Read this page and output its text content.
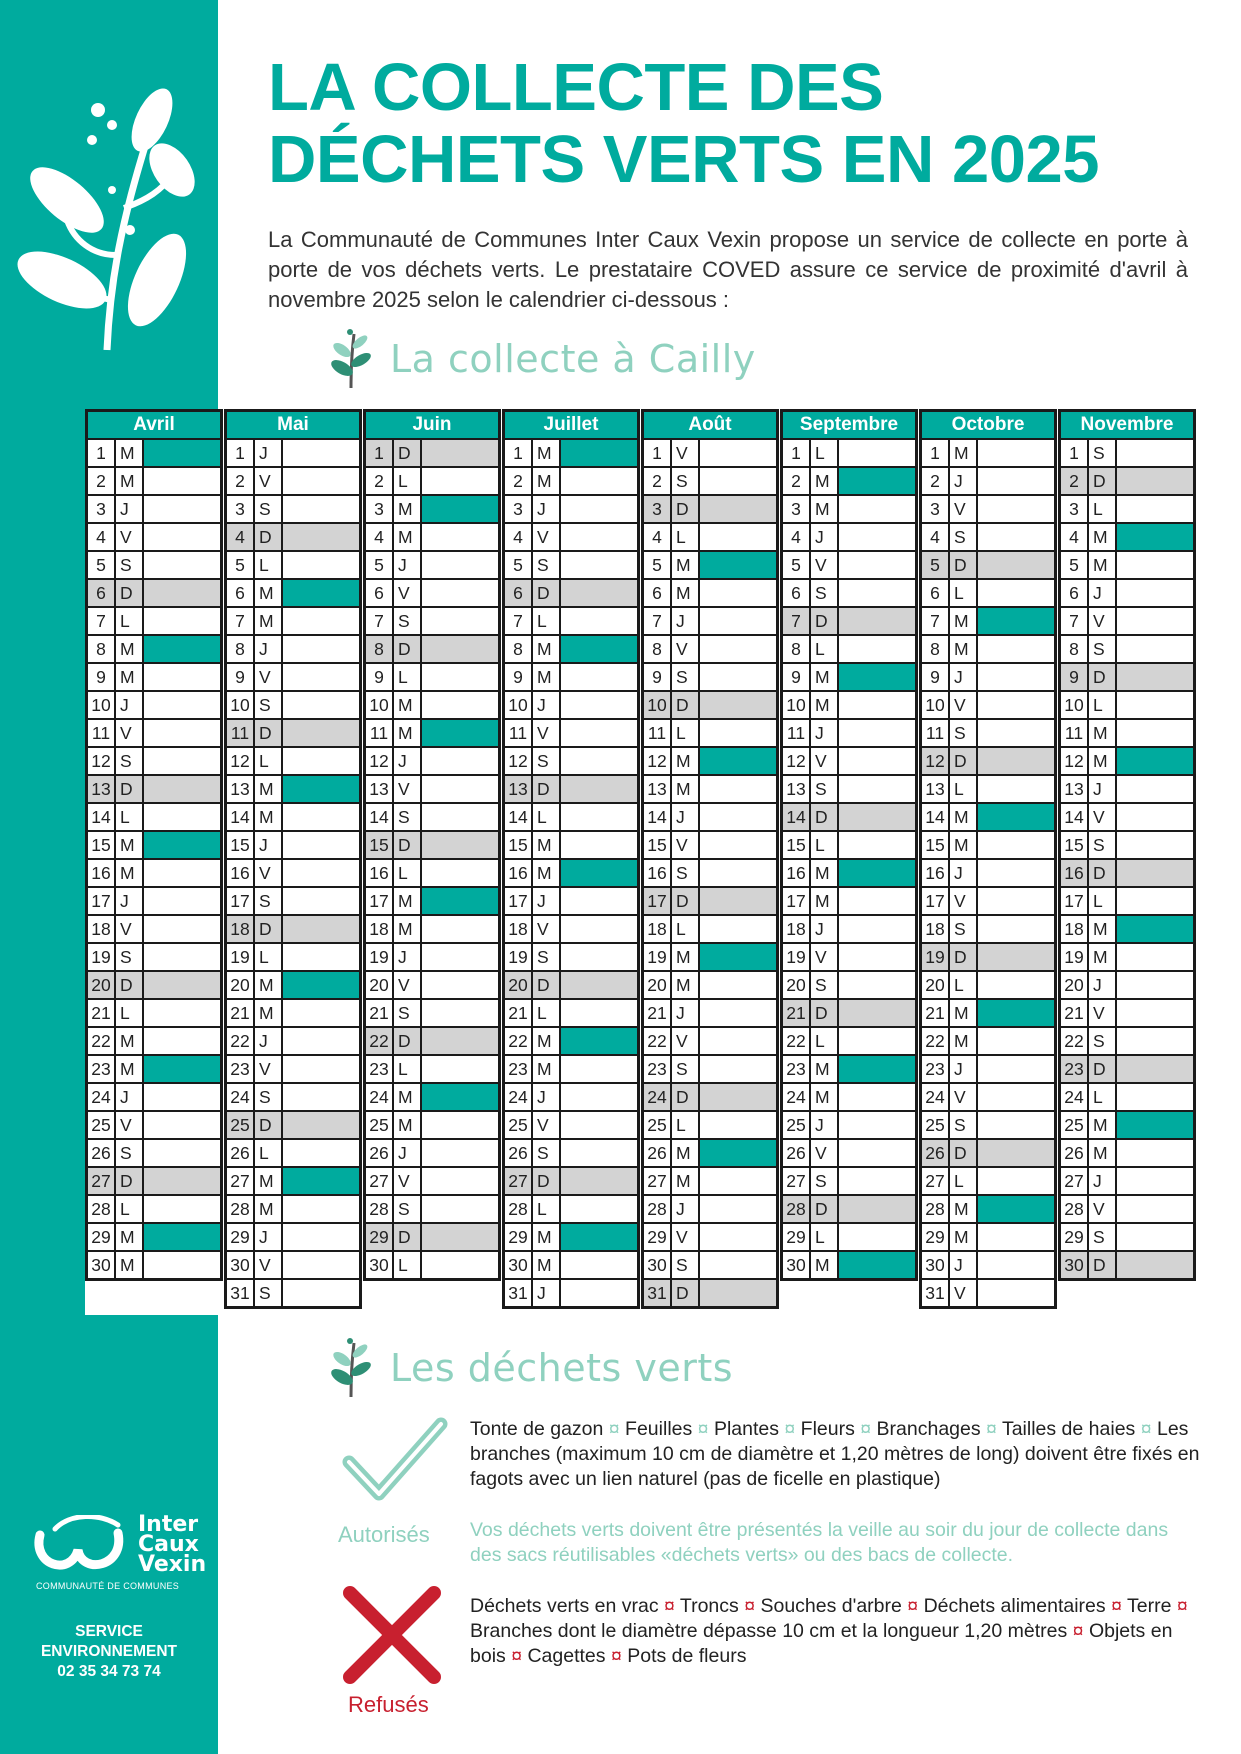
Inter
Caux
Vexin
COMMUNAUTÉ DE COMMUNES
SERVICE
ENVIRONNEMENT
02 35 34 73 74
LA COLLECTE DES
DÉCHETS VERTS EN 2025

La Communauté de Communes Inter Caux Vexin propose un service de collecte en porte à porte de vos déchets verts. Le prestataire COVED assure ce service de proximité d'avril à novembre 2025 selon le calendrier ci-dessous :

La collecte à Cailly
Avril
1 M
2 M
3 J
4 V
5 S
6 D
7 L
8 M
9 M
10 J
11 V
12 S
13 D
14 L
15 M
16 M
17 J
18 V
19 S
20 D
21 L
22 M
23 M
24 J
25 V
26 S
27 D
28 L
29 M
30 M
Mai
1 J
2 V
3 S
4 D
5 L
6 M
7 M
8 J
9 V
10 S
11 D
12 L
13 M
14 M
15 J
16 V
17 S
18 D
19 L
20 M
21 M
22 J
23 V
24 S
25 D
26 L
27 M
28 M
29 J
30 V
31 S
Juin
1 D
2 L
3 M
4 M
5 J
6 V
7 S
8 D
9 L
10 M
11 M
12 J
13 V
14 S
15 D
16 L
17 M
18 M
19 J
20 V
21 S
22 D
23 L
24 M
25 M
26 J
27 V
28 S
29 D
30 L
Juillet
1 M
2 M
3 J
4 V
5 S
6 D
7 L
8 M
9 M
10 J
11 V
12 S
13 D
14 L
15 M
16 M
17 J
18 V
19 S
20 D
21 L
22 M
23 M
24 J
25 V
26 S
27 D
28 L
29 M
30 M
31 J
Août
1 V
2 S
3 D
4 L
5 M
6 M
7 J
8 V
9 S
10 D
11 L
12 M
13 M
14 J
15 V
16 S
17 D
18 L
19 M
20 M
21 J
22 V
23 S
24 D
25 L
26 M
27 M
28 J
29 V
30 S
31 D
Septembre
1 L
2 M
3 M
4 J
5 V
6 S
7 D
8 L
9 M
10 M
11 J
12 V
13 S
14 D
15 L
16 M
17 M
18 J
19 V
20 S
21 D
22 L
23 M
24 M
25 J
26 V
27 S
28 D
29 L
30 M
Octobre
1 M
2 J
3 V
4 S
5 D
6 L
7 M
8 M
9 J
10 V
11 S
12 D
13 L
14 M
15 M
16 J
17 V
18 S
19 D
20 L
21 M
22 M
23 J
24 V
25 S
26 D
27 L
28 M
29 M
30 J
31 V
Novembre
1 S
2 D
3 L
4 M
5 M
6 J
7 V
8 S
9 D
10 L
11 M
12 M
13 J
14 V
15 S
16 D
17 L
18 M
19 M
20 J
21 V
22 S
23 D
24 L
25 M
26 M
27 J
28 V
29 S
30 D
Les déchets verts
Autorisés

Tonte de gazon ¤ Feuilles ¤ Plantes ¤ Fleurs ¤ Branchages ¤ Tailles de haies ¤ Les branches (maximum 10 cm de diamètre et 1,20 mètres de long) doivent être fixés en fagots avec un lien naturel (pas de ficelle en plastique)

Vos déchets verts doivent être présentés la veille au soir du jour de collecte dans des sacs réutilisables «déchets verts» ou des bacs de collecte.

Refusés

Déchets verts en vrac ¤ Troncs ¤ Souches d'arbre ¤ Déchets alimentaires ¤ Terre ¤ Branches dont le diamètre dépasse 10 cm et la longueur 1,20 mètres ¤ Objets en bois ¤ Cagettes ¤ Pots de fleurs
